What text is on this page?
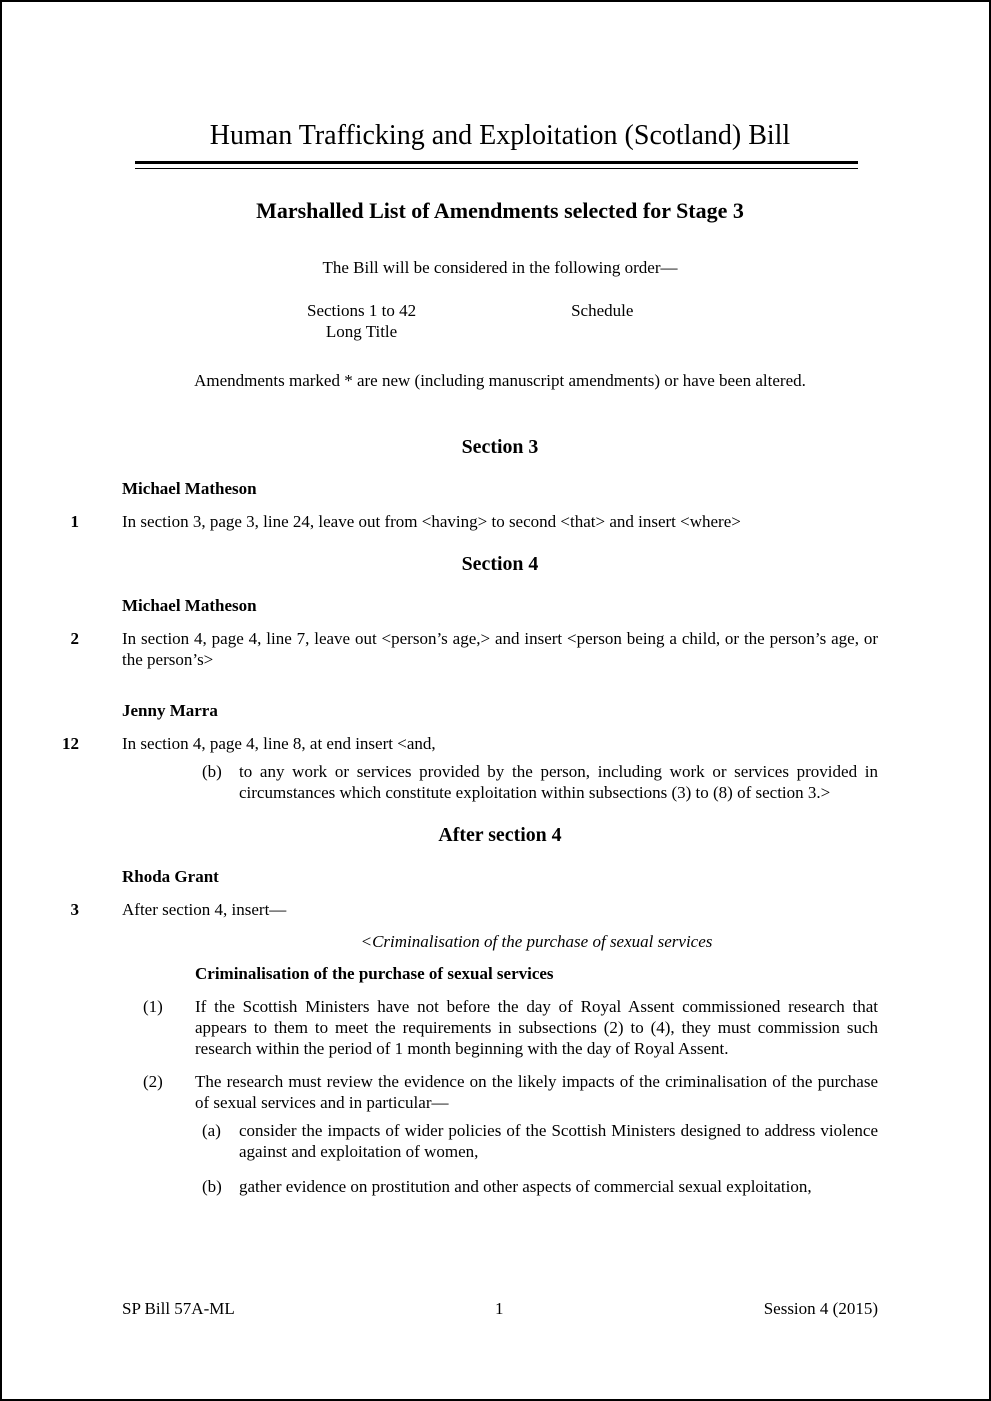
Human Trafficking and Exploitation (Scotland) Bill
Marshalled List of Amendments selected for Stage 3

The Bill will be considered in the following order—

Sections 1 to 42
Long Title
Schedule

Amendments marked * are new (including manuscript amendments) or have been altered.

Section 3

Michael Matheson

1	In section 3, page 3, line 24, leave out from <having> to second <that> and insert <where>
Section 4

Michael Matheson

2	In section 4, page 4, line 7, leave out <person’s age,> and insert <person being a child, or the person’s age, or the person’s>

Jenny Marra

12	In section 4, page 4, line 8, at end insert <and,
(b) to any work or services provided by the person, including work or services provided in circumstances which constitute exploitation within subsections (3) to (8) of section 3.>
After section 4

Rhoda Grant

3	After section 4, insert—
<Criminalisation of the purchase of sexual services
Criminalisation of the purchase of sexual services
(1) If the Scottish Ministers have not before the day of Royal Assent commissioned research that appears to them to meet the requirements in subsections (2) to (4), they must commission such research within the period of 1 month beginning with the day of Royal Assent.
(2) The research must review the evidence on the likely impacts of the criminalisation of the purchase of sexual services and in particular—
(a) consider the impacts of wider policies of the Scottish Ministers designed to address violence against and exploitation of women,
(b) gather evidence on prostitution and other aspects of commercial sexual exploitation,
SP Bill 57A-ML	1	Session 4 (2015)
